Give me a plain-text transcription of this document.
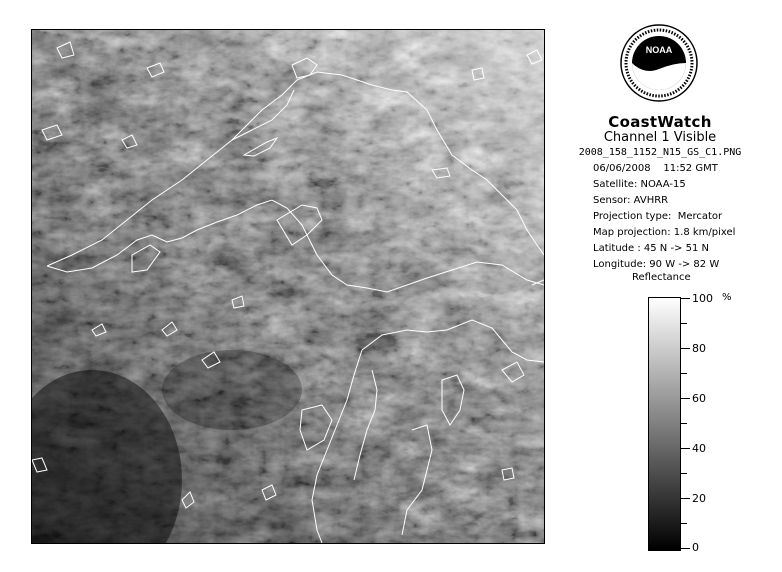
NOAA
CoastWatch
Channel 1 Visible
2008_158_1152_N15_GS_C1.PNG
06/06/2008    11:52 GMT
Satellite: NOAA-15
Sensor: AVHRR
Projection type:  Mercator
Map projection: 1.8 km/pixel
Latitude : 45 N -> 51 N
Longitude: 90 W -> 82 W
Reflectance
%
100
80
60
40
20
0
